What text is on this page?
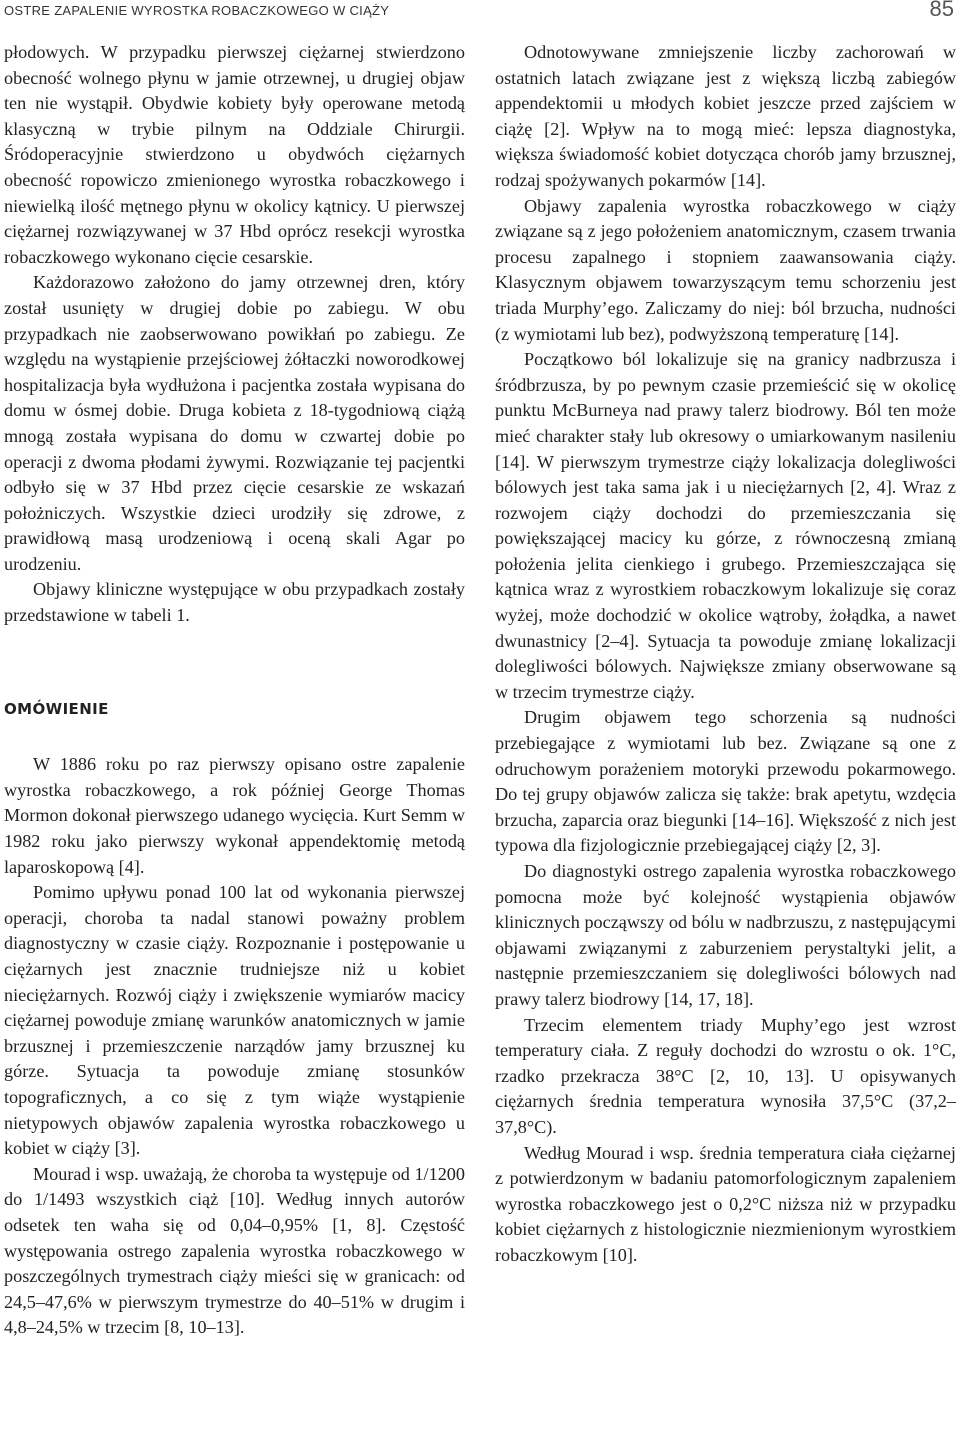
OSTRE ZAPALENIE WYROSTKA ROBACZKOWEGO W CIĄŻY	85

płodowych. W przypadku pierwszej ciężarnej stwierdzono obecność wolnego płynu w jamie otrzewnej, u drugiej objaw ten nie wystąpił. Obydwie kobiety były operowane metodą klasyczną w trybie pilnym na Oddziale Chirurgii. Śródoperacyjnie stwierdzono u obydwóch ciężarnych obecność ropowiczo zmienionego wyrostka robaczkowego i niewielką ilość mętnego płynu w okolicy kątnicy. U pierwszej ciężarnej rozwiązywanej w 37 Hbd oprócz resekcji wyrostka robaczkowego wykonano cięcie cesarskie.

Każdorazowo założono do jamy otrzewnej dren, który został usunięty w drugiej dobie po zabiegu. W obu przypadkach nie zaobserwowano powikłań po zabiegu. Ze względu na wystąpienie przejściowej żółtaczki noworodkowej hospitalizacja była wydłużona i pacjentka została wypisana do domu w ósmej dobie. Druga kobieta z 18-tygodniową ciążą mnogą została wypisana do domu w czwartej dobie po operacji z dwoma płodami żywymi. Rozwiązanie tej pacjentki odbyło się w 37 Hbd przez cięcie cesarskie ze wskazań położniczych. Wszystkie dzieci urodziły się zdrowe, z prawidłową masą urodzeniową i oceną skali Agar po urodzeniu.

Objawy kliniczne występujące w obu przypadkach zostały przedstawione w tabeli 1.

OMÓWIENIE

W 1886 roku po raz pierwszy opisano ostre zapalenie wyrostka robaczkowego, a rok później George Thomas Mormon dokonał pierwszego udanego wycięcia. Kurt Semm w 1982 roku jako pierwszy wykonał appendektomię metodą laparoskopową [4].

Pomimo upływu ponad 100 lat od wykonania pierwszej operacji, choroba ta nadal stanowi poważny problem diagnostyczny w czasie ciąży. Rozpoznanie i postępowanie u ciężarnych jest znacznie trudniejsze niż u kobiet nieciężarnych. Rozwój ciąży i zwiększenie wymiarów macicy ciężarnej powoduje zmianę warunków anatomicznych w jamie brzusznej i przemieszczenie narządów jamy brzusznej ku górze. Sytuacja ta powoduje zmianę stosunków topograficznych, a co się z tym wiąże wystąpienie nietypowych objawów zapalenia wyrostka robaczkowego u kobiet w ciąży [3].

Mourad i wsp. uważają, że choroba ta występuje od 1/1200 do 1/1493 wszystkich ciąż [10]. Według innych autorów odsetek ten waha się od 0,04–0,95% [1, 8]. Częstość występowania ostrego zapalenia wyrostka robaczkowego w poszczególnych trymestrach ciąży mieści się w granicach: od 24,5–47,6% w pierwszym trymestrze do 40–51% w drugim i 4,8–24,5% w trzecim [8, 10–13].

Odnotowywane zmniejszenie liczby zachorowań w ostatnich latach związane jest z większą liczbą zabiegów appendektomii u młodych kobiet jeszcze przed zajściem w ciążę [2]. Wpływ na to mogą mieć: lepsza diagnostyka, większa świadomość kobiet dotycząca chorób jamy brzusznej, rodzaj spożywanych pokarmów [14].

Objawy zapalenia wyrostka robaczkowego w ciąży związane są z jego położeniem anatomicznym, czasem trwania procesu zapalnego i stopniem zaawansowania ciąży. Klasycznym objawem towarzyszącym temu schorzeniu jest triada Murphy’ego. Zaliczamy do niej: ból brzucha, nudności (z wymiotami lub bez), podwyższoną temperaturę [14].

Początkowo ból lokalizuje się na granicy nadbrzusza i śródbrzusza, by po pewnym czasie przemieścić się w okolicę punktu McBurneya nad prawy talerz biodrowy. Ból ten może mieć charakter stały lub okresowy o umiarkowanym nasileniu [14]. W pierwszym trymestrze ciąży lokalizacja dolegliwości bólowych jest taka sama jak i u nieciężarnych [2, 4]. Wraz z rozwojem ciąży dochodzi do przemieszczania się powiększającej macicy ku górze, z równoczesną zmianą położenia jelita cienkiego i grubego. Przemieszczająca się kątnica wraz z wyrostkiem robaczkowym lokalizuje się coraz wyżej, może dochodzić w okolice wątroby, żołądka, a nawet dwunastnicy [2–4]. Sytuacja ta powoduje zmianę lokalizacji dolegliwości bólowych. Największe zmiany obserwowane są w trzecim trymestrze ciąży.

Drugim objawem tego schorzenia są nudności przebiegające z wymiotami lub bez. Związane są one z odruchowym porażeniem motoryki przewodu pokarmowego. Do tej grupy objawów zalicza się także: brak apetytu, wzdęcia brzucha, zaparcia oraz biegunki [14–16]. Większość z nich jest typowa dla fizjologicznie przebiegającej ciąży [2, 3].

Do diagnostyki ostrego zapalenia wyrostka robaczkowego pomocna może być kolejność wystąpienia objawów klinicznych począwszy od bólu w nadbrzuszu, z następującymi objawami związanymi z zaburzeniem perystaltyki jelit, a następnie przemieszczaniem się dolegliwości bólowych nad prawy talerz biodrowy [14, 17, 18].

Trzecim elementem triady Muphy’ego jest wzrost temperatury ciała. Z reguły dochodzi do wzrostu o ok. 1°C, rzadko przekracza 38°C [2, 10, 13]. U opisywanych ciężarnych średnia temperatura wynosiła 37,5°C (37,2–37,8°C).

Według Mourad i wsp. średnia temperatura ciała ciężarnej z potwierdzonym w badaniu patomorfologicznym zapaleniem wyrostka robaczkowego jest o 0,2°C niższa niż w przypadku kobiet ciężarnych z histologicznie niezmienionym wyrostkiem robaczkowym [10].
